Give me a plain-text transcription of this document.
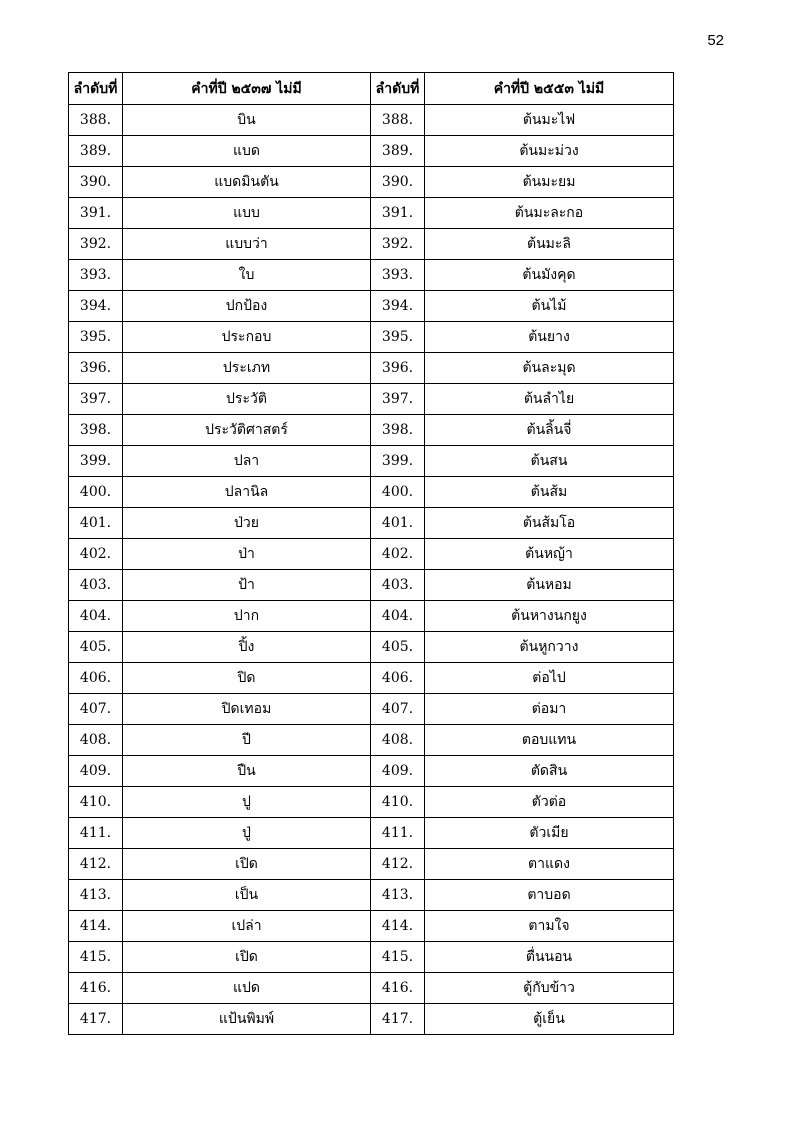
52
ลำดับที่	คำที่ปี ๒๕๓๗ ไม่มี	ลำดับที่	คำที่ปี ๒๕๕๓ ไม่มี
388.	บิน	388.	ต้นมะไฟ
389.	แบด	389.	ต้นมะม่วง
390.	แบดมินตัน	390.	ต้นมะยม
391.	แบบ	391.	ต้นมะละกอ
392.	แบบว่า	392.	ต้นมะลิ
393.	ใบ	393.	ต้นมังคุด
394.	ปกป้อง	394.	ต้นไม้
395.	ประกอบ	395.	ต้นยาง
396.	ประเภท	396.	ต้นละมุด
397.	ประวัติ	397.	ต้นลำไย
398.	ประวัติศาสตร์	398.	ต้นลิ้นจี่
399.	ปลา	399.	ต้นสน
400.	ปลานิล	400.	ต้นส้ม
401.	ป่วย	401.	ต้นส้มโอ
402.	ป่า	402.	ต้นหญ้า
403.	ป้า	403.	ต้นหอม
404.	ปาก	404.	ต้นหางนกยูง
405.	ปิ้ง	405.	ต้นหูกวาง
406.	ปิด	406.	ต่อไป
407.	ปิดเทอม	407.	ต่อมา
408.	ปี	408.	ตอบแทน
409.	ปืน	409.	ตัดสิน
410.	ปู	410.	ตัวต่อ
411.	ปู่	411.	ตัวเมีย
412.	เปิด	412.	ตาแดง
413.	เป็น	413.	ตาบอด
414.	เปล่า	414.	ตามใจ
415.	เปิด	415.	ตื่นนอน
416.	แปด	416.	ตู้กับข้าว
417.	แป้นพิมพ์	417.	ตู้เย็น
